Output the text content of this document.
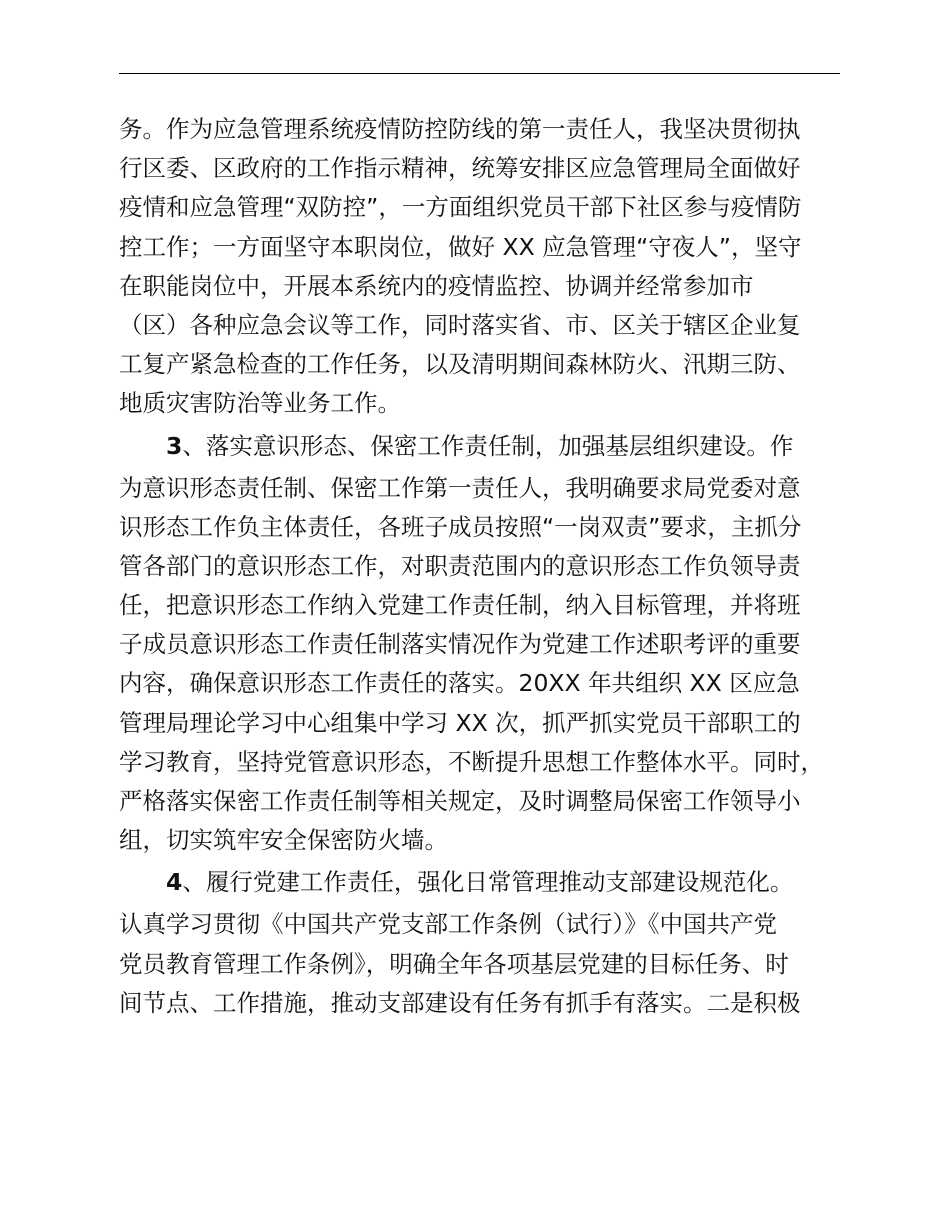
务。作为应急管理系统疫情防控防线的第一责任人，我坚决贯彻执
行区委、区政府的工作指示精神，统筹安排区应急管理局全面做好
疫情和应急管理“双防控”，一方面组织党员干部下社区参与疫情防
控工作；一方面坚守本职岗位，做好 XX 应急管理“守夜人”，坚守
在职能岗位中，开展本系统内的疫情监控、协调并经常参加市
（区）各种应急会议等工作，同时落实省、市、区关于辖区企业复
工复产紧急检查的工作任务，以及清明期间森林防火、汛期三防、
地质灾害防治等业务工作。
3、落实意识形态、保密工作责任制，加强基层组织建设。作
为意识形态责任制、保密工作第一责任人，我明确要求局党委对意
识形态工作负主体责任，各班子成员按照“一岗双责”要求，主抓分
管各部门的意识形态工作，对职责范围内的意识形态工作负领导责
任，把意识形态工作纳入党建工作责任制，纳入目标管理，并将班
子成员意识形态工作责任制落实情况作为党建工作述职考评的重要
内容，确保意识形态工作责任的落实。20XX 年共组织 XX 区应急
管理局理论学习中心组集中学习 XX 次，抓严抓实党员干部职工的
学习教育，坚持党管意识形态，不断提升思想工作整体水平。同时，
严格落实保密工作责任制等相关规定，及时调整局保密工作领导小
组，切实筑牢安全保密防火墙。
4、履行党建工作责任，强化日常管理推动支部建设规范化。
认真学习贯彻《中国共产党支部工作条例（试行）》《中国共产党
党员教育管理工作条例》，明确全年各项基层党建的目标任务、时
间节点、工作措施，推动支部建设有任务有抓手有落实。二是积极
